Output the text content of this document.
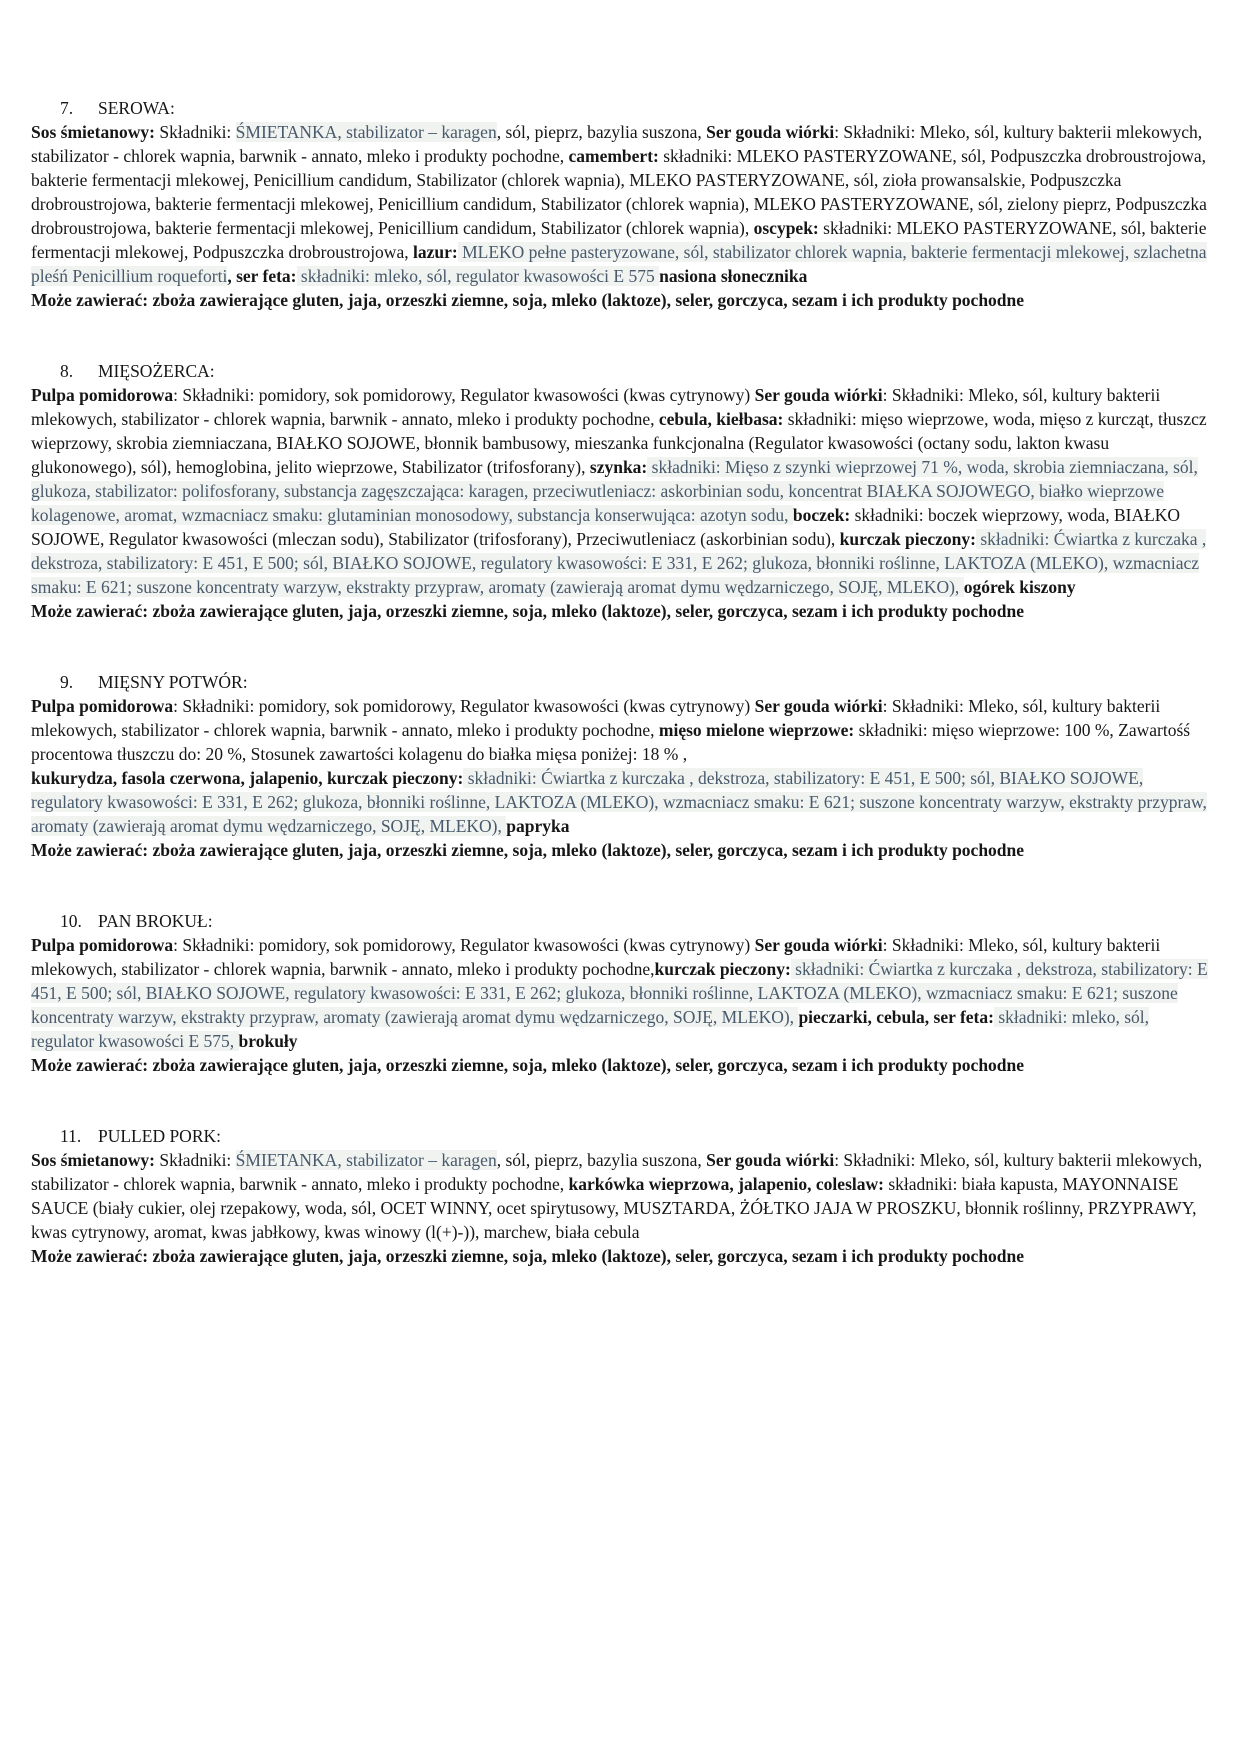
7. SEROWA:

Sos śmietanowy: Składniki: ŚMIETANKA, stabilizator – karagen, sól, pieprz, bazylia suszona, Ser gouda wiórki: Składniki: Mleko, sól, kultury bakterii mlekowych, stabilizator - chlorek wapnia, barwnik - annato, mleko i produkty pochodne, camembert: składniki: MLEKO PASTERYZOWANE, sól, Podpuszczka drobroustrojowa, bakterie fermentacji mlekowej, Penicillium candidum, Stabilizator (chlorek wapnia), MLEKO PASTERYZOWANE, sól, zioła prowansalskie, Podpuszczka drobroustrojowa, bakterie fermentacji mlekowej, Penicillium candidum, Stabilizator (chlorek wapnia), MLEKO PASTERYZOWANE, sól, zielony pieprz, Podpuszczka drobroustrojowa, bakterie fermentacji mlekowej, Penicillium candidum, Stabilizator (chlorek wapnia), oscypek: składniki: MLEKO PASTERYZOWANE, sól, bakterie fermentacji mlekowej, Podpuszczka drobroustrojowa, lazur: MLEKO pełne pasteryzowane, sól, stabilizator chlorek wapnia, bakterie fermentacji mlekowej, szlachetna pleśń Penicillium roqueforti, ser feta: składniki: mleko, sól, regulator kwasowości E 575 nasiona słonecznika

Może zawierać: zboża zawierające gluten, jaja, orzeszki ziemne, soja, mleko (laktoze), seler, gorczyca, sezam i ich produkty pochodne

8. MIĘSOŻERCA:

Pulpa pomidorowa: Składniki: pomidory, sok pomidorowy, Regulator kwasowości (kwas cytrynowy) Ser gouda wiórki: Składniki: Mleko, sól, kultury bakterii mlekowych, stabilizator - chlorek wapnia, barwnik - annato, mleko i produkty pochodne, cebula, kiełbasa: składniki: mięso wieprzowe, woda, mięso z kurcząt, tłuszcz wieprzowy, skrobia ziemniaczana, BIAŁKO SOJOWE, błonnik bambusowy, mieszanka funkcjonalna (Regulator kwasowości (octany sodu, lakton kwasu glukonowego), sól), hemoglobina, jelito wieprzowe, Stabilizator (trifosforany), szynka: składniki: Mięso z szynki wieprzowej 71 %, woda, skrobia ziemniaczana, sól, glukoza, stabilizator: polifosforany, substancja zagęszczająca: karagen, przeciwutleniacz: askorbinian sodu, koncentrat BIAŁKA SOJOWEGO, białko wieprzowe kolagenowe, aromat, wzmacniacz smaku: glutaminian monosodowy, substancja konserwująca: azotyn sodu, boczek: składniki: boczek wieprzowy, woda, BIAŁKO SOJOWE, Regulator kwasowości (mleczan sodu), Stabilizator (trifosforany), Przeciwutleniacz (askorbinian sodu), kurczak pieczony: składniki: Ćwiartka z kurczaka , dekstroza, stabilizatory: E 451, E 500; sól, BIAŁKO SOJOWE, regulatory kwasowości: E 331, E 262; glukoza, błonniki roślinne, LAKTOZA (MLEKO), wzmacniacz smaku: E 621; suszone koncentraty warzyw, ekstrakty przypraw, aromaty (zawierają aromat dymu wędzarniczego, SOJĘ, MLEKO), ogórek kiszony

Może zawierać: zboża zawierające gluten, jaja, orzeszki ziemne, soja, mleko (laktoze), seler, gorczyca, sezam i ich produkty pochodne

9. MIĘSNY POTWÓR:

Pulpa pomidorowa: Składniki: pomidory, sok pomidorowy, Regulator kwasowości (kwas cytrynowy) Ser gouda wiórki: Składniki: Mleko, sól, kultury bakterii mlekowych, stabilizator - chlorek wapnia, barwnik - annato, mleko i produkty pochodne, mięso mielone wieprzowe: składniki: mięso wieprzowe: 100 %, Zawartośś procentowa tłuszczu do: 20 %, Stosunek zawartości kolagenu do białka mięsa poniżej: 18 % ,

kukurydza, fasola czerwona, jalapenio, kurczak pieczony: składniki: Ćwiartka z kurczaka , dekstroza, stabilizatory: E 451, E 500; sól, BIAŁKO SOJOWE, regulatory kwasowości: E 331, E 262; glukoza, błonniki roślinne, LAKTOZA (MLEKO), wzmacniacz smaku: E 621; suszone koncentraty warzyw, ekstrakty przypraw, aromaty (zawierają aromat dymu wędzarniczego, SOJĘ, MLEKO), papryka

Może zawierać: zboża zawierające gluten, jaja, orzeszki ziemne, soja, mleko (laktoze), seler, gorczyca, sezam i ich produkty pochodne

10. PAN BROKUŁ:

Pulpa pomidorowa: Składniki: pomidory, sok pomidorowy, Regulator kwasowości (kwas cytrynowy) Ser gouda wiórki: Składniki: Mleko, sól, kultury bakterii mlekowych, stabilizator - chlorek wapnia, barwnik - annato, mleko i produkty pochodne,kurczak pieczony: składniki: Ćwiartka z kurczaka , dekstroza, stabilizatory: E 451, E 500; sól, BIAŁKO SOJOWE, regulatory kwasowości: E 331, E 262; glukoza, błonniki roślinne, LAKTOZA (MLEKO), wzmacniacz smaku: E 621; suszone koncentraty warzyw, ekstrakty przypraw, aromaty (zawierają aromat dymu wędzarniczego, SOJĘ, MLEKO), pieczarki, cebula, ser feta: składniki: mleko, sól, regulator kwasowości E 575, brokuły

Może zawierać: zboża zawierające gluten, jaja, orzeszki ziemne, soja, mleko (laktoze), seler, gorczyca, sezam i ich produkty pochodne

11. PULLED PORK:

Sos śmietanowy: Składniki: ŚMIETANKA, stabilizator – karagen, sól, pieprz, bazylia suszona, Ser gouda wiórki: Składniki: Mleko, sól, kultury bakterii mlekowych, stabilizator - chlorek wapnia, barwnik - annato, mleko i produkty pochodne, karkówka wieprzowa, jalapenio, coleslaw: składniki: biała kapusta, MAYONNAISE SAUCE (biały cukier, olej rzepakowy, woda, sól, OCET WINNY, ocet spirytusowy, MUSZTARDA, ŻÓŁTKO JAJA W PROSZKU, błonnik roślinny, PRZYPRAWY, kwas cytrynowy, aromat, kwas jabłkowy, kwas winowy (l(+)-)), marchew, biała cebula

Może zawierać: zboża zawierające gluten, jaja, orzeszki ziemne, soja, mleko (laktoze), seler, gorczyca, sezam i ich produkty pochodne
